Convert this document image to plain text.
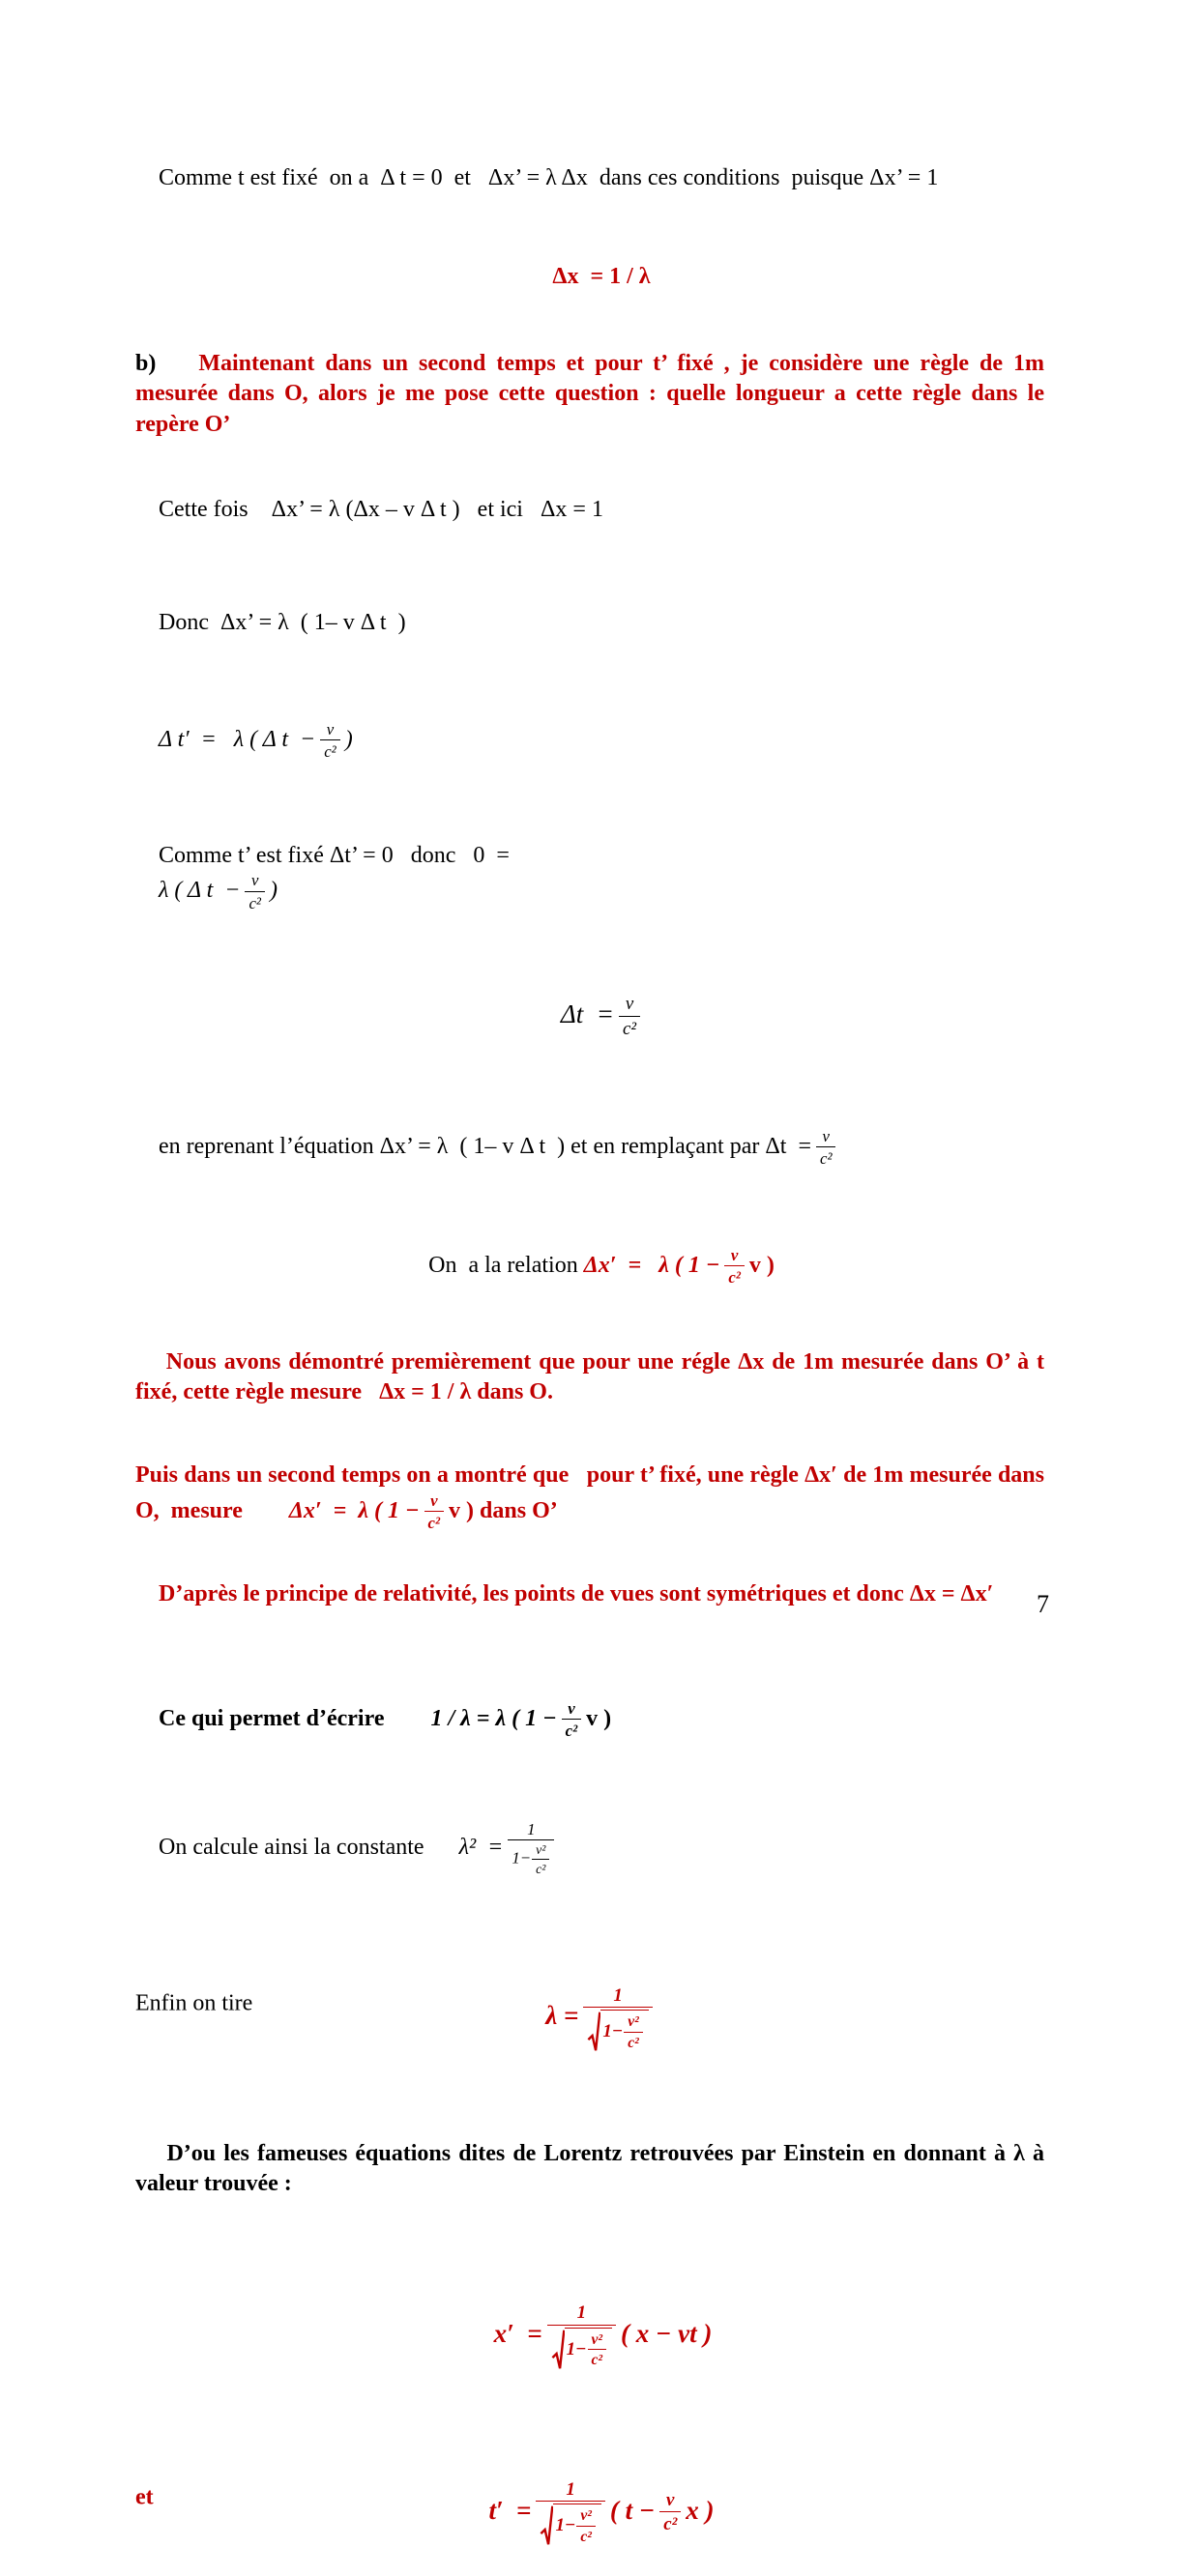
Comme t est fixé  on a  Δ t = 0  et   Δx’ = λ Δx  dans ces conditions  puisque Δx’ = 1

Δx  = 1 / λ

b) Maintenant dans un second temps et pour t’ fixé , je considère une règle de 1m mesurée dans O, alors je me pose cette question : quelle longueur a cette règle dans le repère O’

Cette fois    Δx’ = λ (Δx – v Δ t )   et ici   Δx = 1

Donc  Δx’ = λ  ( 1– v Δ t  )

Δ t′  =   λ ( Δ $t - \frac{v}{\text{c²}}$ )

Comme t’ est fixé Δt’ = 0   donc   0  =
λ ( Δ $t - \frac{v}{\text{c²}}$ )

$\Delta t = \frac{v}{\text{c²}}$

en reprenant l’équation Δx’ = λ  ( 1– v Δ t  ) et en remplaçant par $\Delta t = \frac{v}{\text{c²}}$

On  a la relation Δx′  =   λ ( $1 - \frac{v}{\text{c²}}$ v )

Nous avons démontré premièrement que pour une régle Δx de 1m mesurée dans O’ à t  fixé, cette règle mesure   Δx = 1 / λ dans O.

Puis dans un second temps on a montré que   pour t’ fixé, une règle Δx′ de 1m mesurée dans O,  mesure        Δx′  =  λ ( $1 - \frac{v}{\text{c²}}$ v ) dans O’

D’après le principe de relativité, les points de vues sont symétriques et donc Δx = Δx′

Ce qui permet d’écrire 1 / λ = λ ( $1 - \frac{v}{\text{c²}}$ v )

On calcule ainsi la constante $\lambda^2 = \frac{1}{1- \frac{\text{v²}}{\text{c²}}}$

Enfin on tire	$\lambda = \frac{1}{1- \frac{\text{v²}}{\text{c²}}}$

D’ou les fameuses équations dites de Lorentz retrouvées par Einstein en donnant à λ à valeur trouvée :

$x' = \frac{1}{1- \frac{\text{v²}}{\text{c²}}}$ ( x − vt )

et	$t' = \frac{1}{1- \frac{\text{v²}}{\text{c²}}}$ ( $t - \frac{v}{\text{c²}}$ x )

7
